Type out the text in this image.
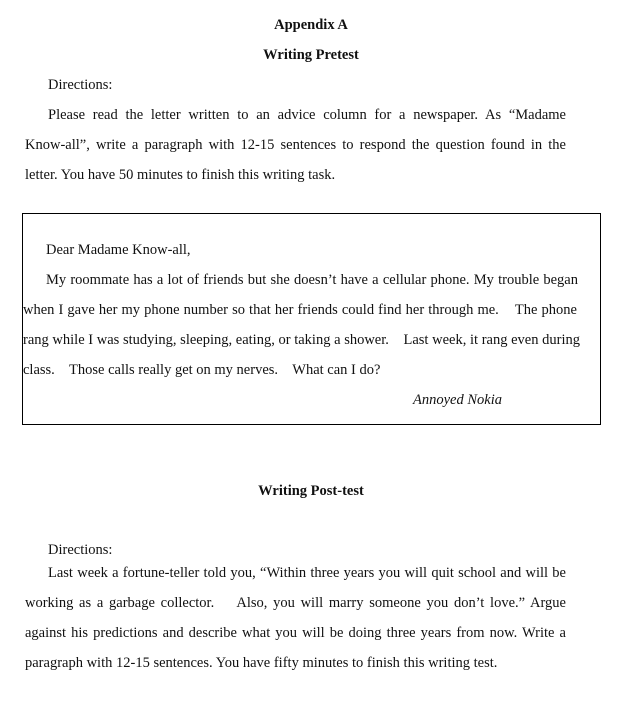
Appendix A
Writing Pretest
Directions:
Please read the letter written to an advice column for a newspaper. As “Madame
Know-all”, write a paragraph with 12-15 sentences to respond the question found in the
letter. You have 50 minutes to finish this writing task.
Dear Madame Know-all,
My roommate has a lot of friends but she doesn’t have a cellular phone. My trouble began
when I gave her my phone number so that her friends could find her through me.    The phone
rang while I was studying, sleeping, eating, or taking a shower.    Last week, it rang even during
class.    Those calls really get on my nerves.    What can I do?
Annoyed Nokia
Writing Post-test
Directions:
Last week a fortune-teller told you, “Within three years you will quit school and will be
working as a garbage collector.    Also, you will marry someone you don’t love.” Argue
against his predictions and describe what you will be doing three years from now. Write a
paragraph with 12-15 sentences. You have fifty minutes to finish this writing test.
